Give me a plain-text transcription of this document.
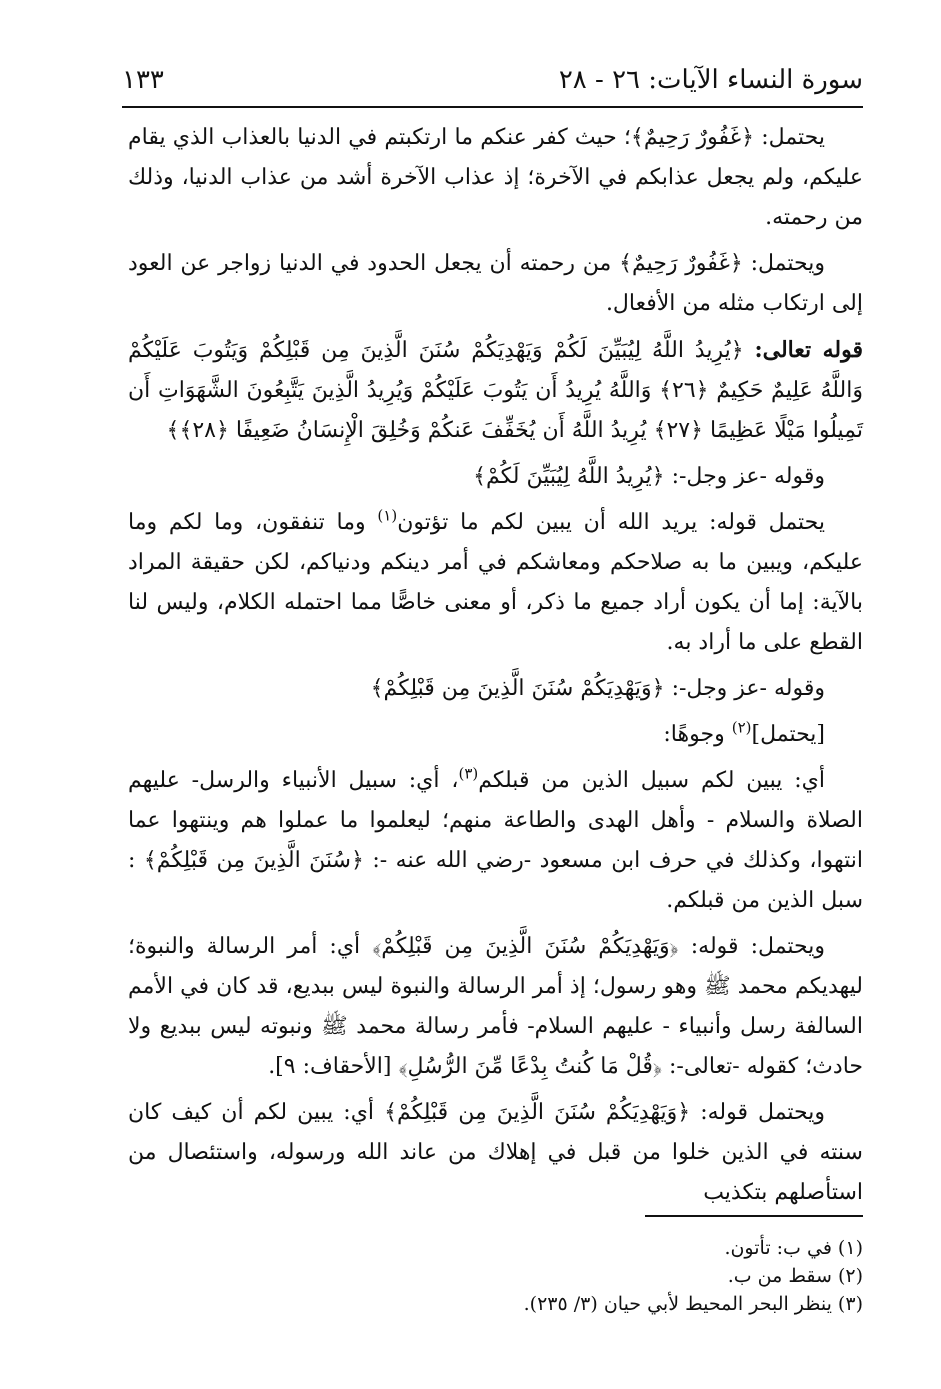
سورة النساء الآيات: ٢٦ - ٢٨
١٣٣

يحتمل: ﴿غَفُورٌ رَحِيمٌ﴾؛ حيث كفر عنكم ما ارتكبتم في الدنيا بالعذاب الذي يقام عليكم، ولم يجعل عذابكم في الآخرة؛ إذ عذاب الآخرة أشد من عذاب الدنيا، وذلك من رحمته.

ويحتمل: ﴿غَفُورٌ رَحِيمٌ﴾ من رحمته أن يجعل الحدود في الدنيا زواجر عن العود إلى ارتكاب مثله من الأفعال.

قوله تعالى: ﴿يُرِيدُ اللَّهُ لِيُبَيِّنَ لَكُمْ وَيَهْدِيَكُمْ سُنَنَ الَّذِينَ مِن قَبْلِكُمْ وَيَتُوبَ عَلَيْكُمْ وَاللَّهُ عَلِيمٌ حَكِيمٌ ﴿٢٦﴾ وَاللَّهُ يُرِيدُ أَن يَتُوبَ عَلَيْكُمْ وَيُرِيدُ الَّذِينَ يَتَّبِعُونَ الشَّهَوَاتِ أَن تَمِيلُوا مَيْلًا عَظِيمًا ﴿٢٧﴾ يُرِيدُ اللَّهُ أَن يُخَفِّفَ عَنكُمْ وَخُلِقَ الْإِنسَانُ ضَعِيفًا ﴿٢٨﴾﴾

وقوله -عز وجل-: ﴿يُرِيدُ اللَّهُ لِيُبَيِّنَ لَكُمْ﴾

يحتمل قوله: يريد الله أن يبين لكم ما تؤتون$^{(١)}$ وما تنفقون، وما لكم وما عليكم، ويبين ما به صلاحكم ومعاشكم في أمر دينكم ودنياكم، لكن حقيقة المراد بالآية: إما أن يكون أراد جميع ما ذكر، أو معنى خاصًّا مما احتمله الكلام، وليس لنا القطع على ما أراد به.

وقوله -عز وجل-: ﴿وَيَهْدِيَكُمْ سُنَنَ الَّذِينَ مِن قَبْلِكُمْ﴾

[يحتمل]$^{(٢)}$ وجوهًا:

أي: يبين لكم سبيل الذين من قبلكم$^{(٣)}$، أي: سبيل الأنبياء والرسل- عليهم الصلاة والسلام - وأهل الهدى والطاعة منهم؛ ليعلموا ما عملوا هم وينتهوا عما انتهوا، وكذلك في حرف ابن مسعود -رضي الله عنه -: ﴿سُنَنَ الَّذِينَ مِن قَبْلِكُمْ﴾ : سبل الذين من قبلكم.

ويحتمل: قوله: ﴿وَيَهْدِيَكُمْ سُنَنَ الَّذِينَ مِن قَبْلِكُمْ﴾ أي: أمر الرسالة والنبوة؛ ليهديكم محمد ﷺ وهو رسول؛ إذ أمر الرسالة والنبوة ليس ببديع، قد كان في الأمم السالفة رسل وأنبياء - عليهم السلام- فأمر رسالة محمد ﷺ ونبوته ليس ببديع ولا حادث؛ كقوله -تعالى-: ﴿قُلْ مَا كُنتُ بِدْعًا مِّنَ الرُّسُلِ﴾ [الأحقاف: ٩].

ويحتمل قوله: ﴿وَيَهْدِيَكُمْ سُنَنَ الَّذِينَ مِن قَبْلِكُمْ﴾ أي: يبين لكم أن كيف كان سنته في الذين خلوا من قبل في إهلاك من عاند الله ورسوله، واستئصال من استأصلهم بتكذيب

(١) في ب: تأتون.
(٢) سقط من ب.
(٣) ينظر البحر المحيط لأبي حيان (٣/ ٢٣٥).
